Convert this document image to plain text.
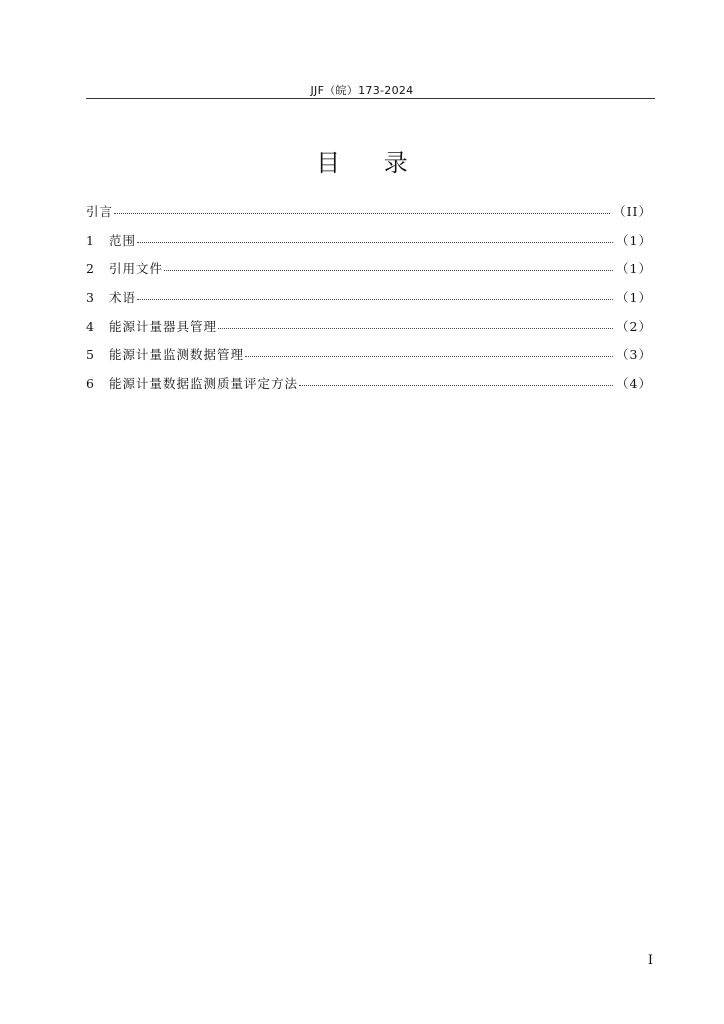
JJF（皖）173-2024
目 录
引言	（II）
1	范围	（1）
2	引用文件	（1）
3	术语	（1）
4	能源计量器具管理	（2）
5	能源计量监测数据管理	（3）
6	能源计量数据监测质量评定方法	（4）
I
